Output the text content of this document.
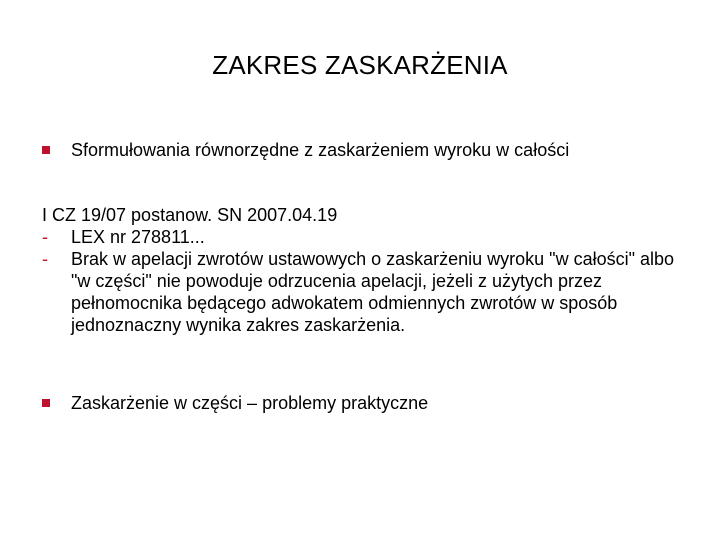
ZAKRES ZASKARŻENIA
Sformułowania równorzędne z zaskarżeniem wyroku w całości
I CZ 19/07 postanow. SN 2007.04.19
-	LEX nr 278811...
-	Brak w apelacji zwrotów ustawowych o zaskarżeniu wyroku "w całości" albo "w części" nie powoduje odrzucenia apelacji, jeżeli z użytych przez pełnomocnika będącego adwokatem odmiennych zwrotów w sposób jednoznaczny wynika zakres zaskarżenia.
Zaskarżenie w części – problemy praktyczne
